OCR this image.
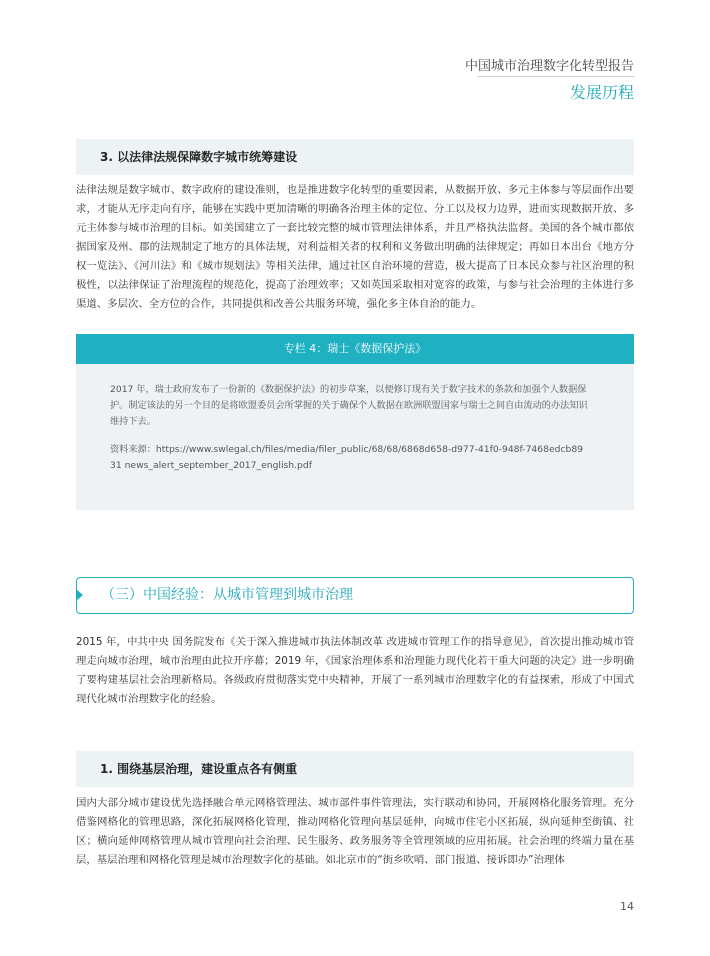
中国城市治理数字化转型报告
发展历程
3. 以法律法规保障数字城市统筹建设

法律法规是数字城市、数字政府的建设准则，也是推进数字化转型的重要因素，从数据开放、多元主体参与等层面作出要求，才能从无序走向有序，能够在实践中更加清晰的明确各治理主体的定位、分工以及权力边界，进而实现数据开放、多元主体参与城市治理的目标。如美国建立了一套比较完整的城市管理法律体系，并且严格执法监督。美国的各个城市都依据国家及州、郡的法规制定了地方的具体法规，对利益相关者的权利和义务做出明确的法律规定；再如日本出台《地方分权一览法》、《河川法》和《城市规划法》等相关法律，通过社区自治环境的营造，极大提高了日本民众参与社区治理的积极性，以法律保证了治理流程的规范化，提高了治理效率；又如英国采取相对宽容的政策，与参与社会治理的主体进行多渠道、多层次、全方位的合作，共同提供和改善公共服务环境，强化多主体自治的能力。

专栏 4：瑞士《数据保护法》

2017 年，瑞士政府发布了一份新的《数据保护法》的初步草案，以便修订现有关于数字技术的条款和加强个人数据保护。制定该法的另一个目的是将欧盟委员会所掌握的关于确保个人数据在欧洲联盟国家与瑞士之间自由流动的办法知识维持下去。

资料来源：https://www.swlegal.ch/files/media/filer_public/68/68/6868d658-d977-41f0-948f-7468edcb8931 news_alert_september_2017_english.pdf

（三）中国经验：从城市管理到城市治理

2015 年，中共中央 国务院发布《关于深入推进城市执法体制改革 改进城市管理工作的指导意见》，首次提出推动城市管理走向城市治理，城市治理由此拉开序幕；2019 年，《国家治理体系和治理能力现代化若干重大问题的决定》进一步明确了要构建基层社会治理新格局。各级政府贯彻落实党中央精神，开展了一系列城市治理数字化的有益探索，形成了中国式现代化城市治理数字化的经验。

1. 围绕基层治理，建设重点各有侧重

国内大部分城市建设优先选择融合单元网格管理法、城市部件事件管理法，实行联动和协同，开展网格化服务管理。充分借鉴网格化的管理思路，深化拓展网格化管理，推动网格化管理向基层延伸，向城市住宅小区拓展，纵向延伸至街镇、社区；横向延伸网格管理从城市管理向社会治理、民生服务、政务服务等全管理领域的应用拓展。社会治理的终端力量在基层，基层治理和网格化管理是城市治理数字化的基础。如北京市的“街乡吹哨、部门报道、接诉即办”治理体

14
